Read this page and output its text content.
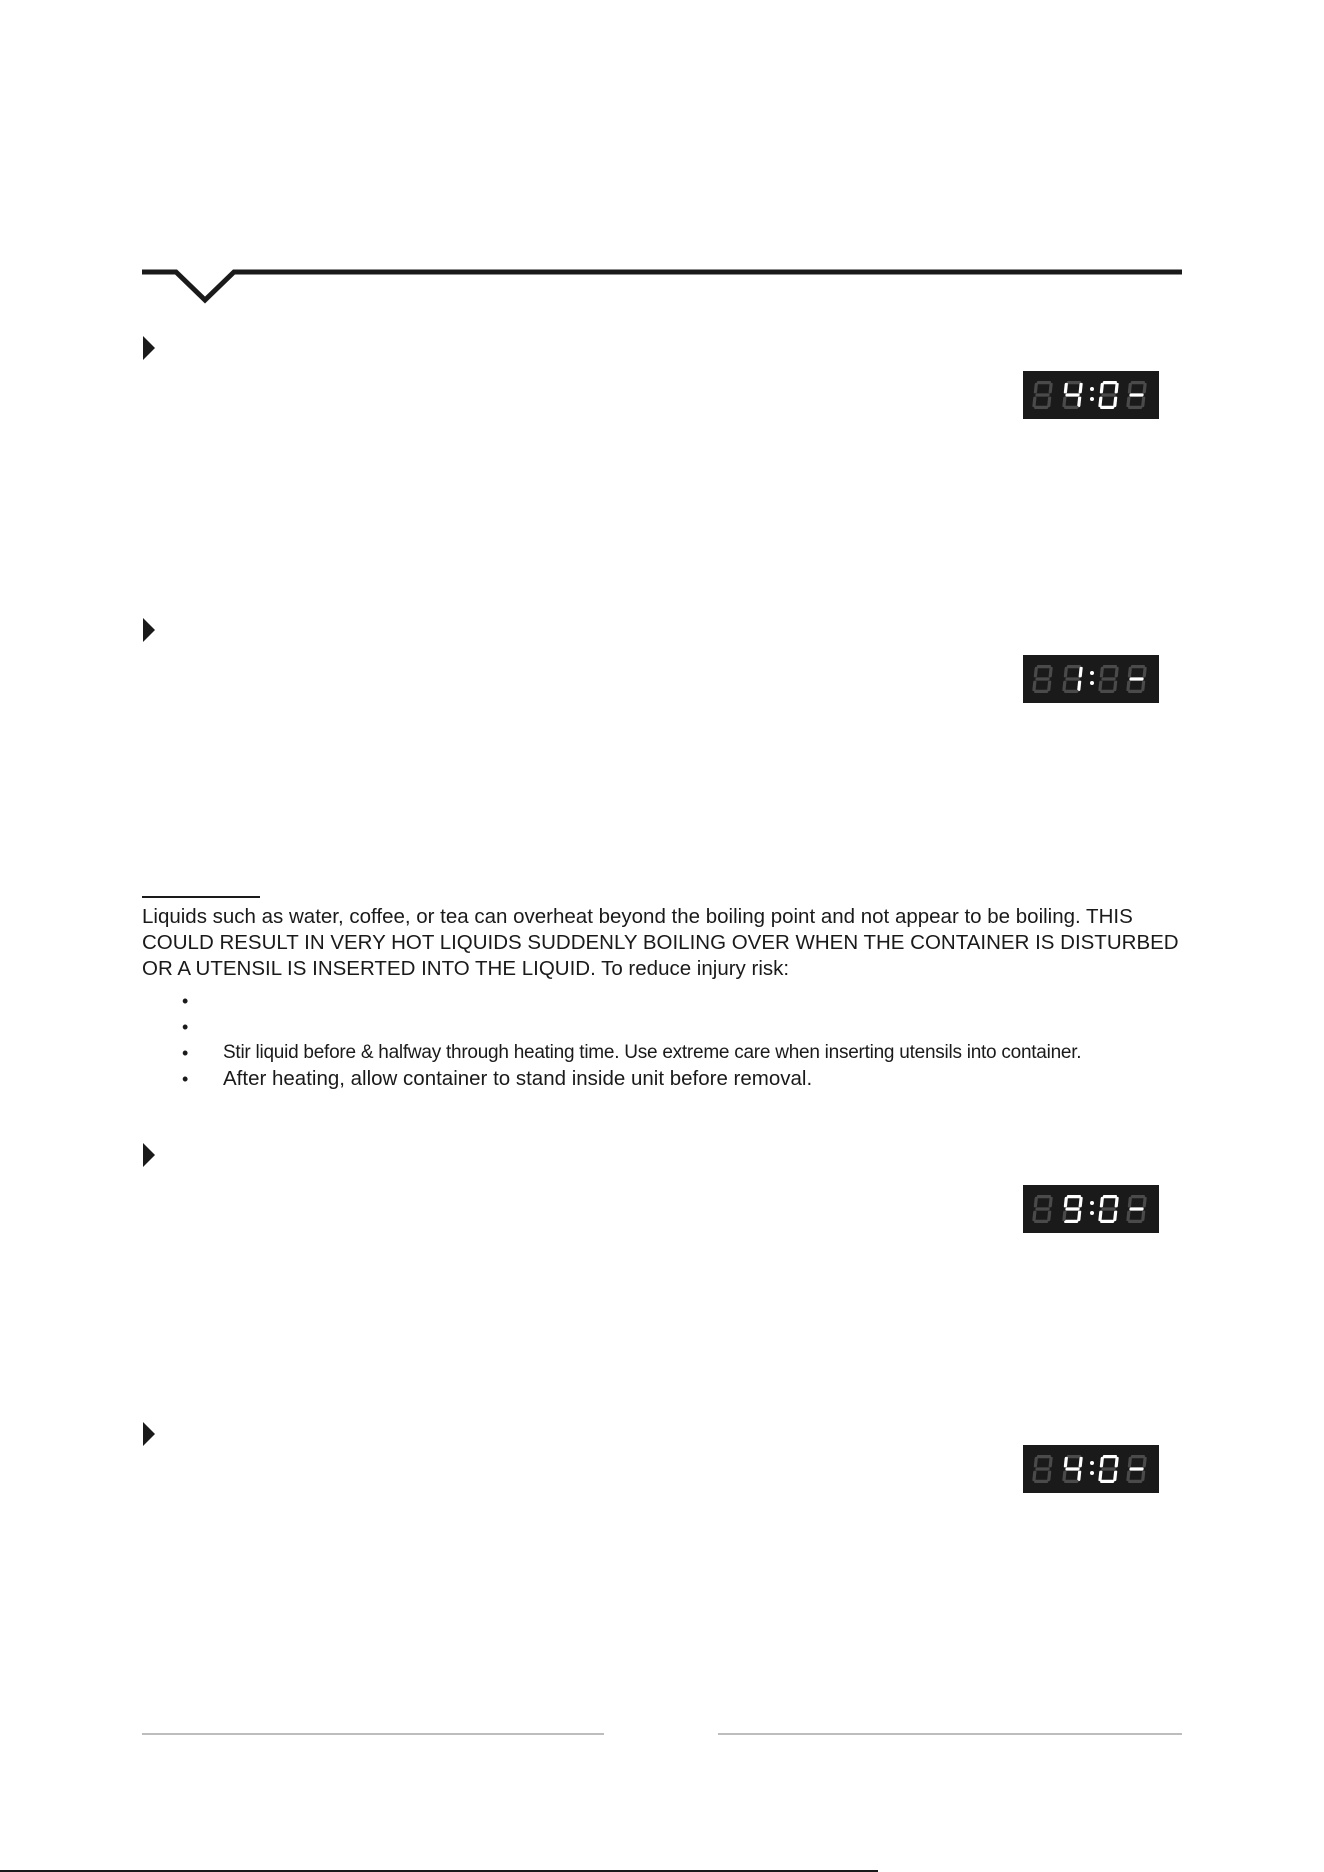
Liquids such as water, coffee, or tea can overheat beyond the boiling point and not appear to be boiling. THIS COULD RESULT IN VERY HOT LIQUIDS SUDDENLY BOILING OVER WHEN THE CONTAINER IS DISTURBED OR A UTENSIL IS INSERTED INTO THE LIQUID. To reduce injury risk:

•
•
• Stir liquid before & halfway through heating time. Use extreme care when inserting utensils into container.
• After heating, allow container to stand inside unit before removal.
